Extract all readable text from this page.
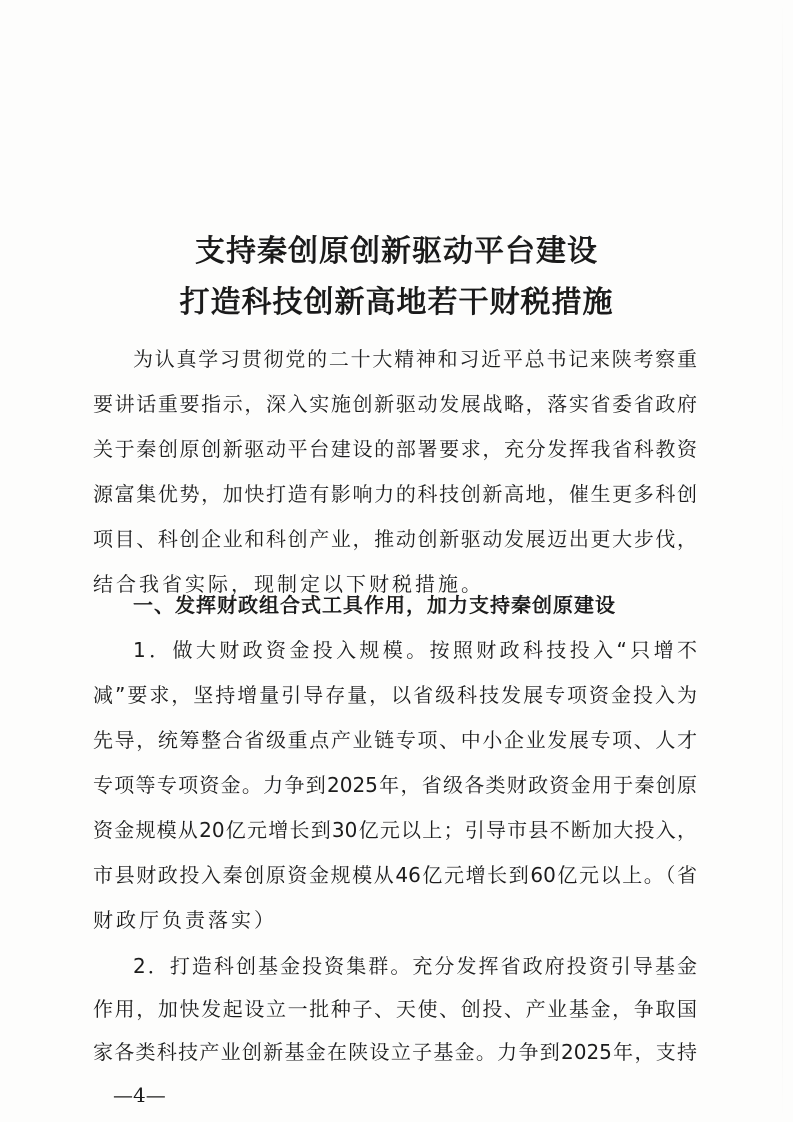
支持秦创原创新驱动平台建设
打造科技创新高地若干财税措施
为认真学习贯彻党的二十大精神和习近平总书记来陕考察重
要讲话重要指示，深入实施创新驱动发展战略，落实省委省政府
关于秦创原创新驱动平台建设的部署要求，充分发挥我省科教资
源富集优势，加快打造有影响力的科技创新高地，催生更多科创
项目、科创企业和科创产业，推动创新驱动发展迈出更大步伐，
结合我省实际，现制定以下财税措施。
一、发挥财政组合式工具作用，加力支持秦创原建设
1．做大财政资金投入规模。按照财政科技投入“只增不
减”要求，坚持增量引导存量，以省级科技发展专项资金投入为
先导，统筹整合省级重点产业链专项、中小企业发展专项、人才
专项等专项资金。力争到2025年，省级各类财政资金用于秦创原
资金规模从20亿元增长到30亿元以上；引导市县不断加大投入，
市县财政投入秦创原资金规模从46亿元增长到60亿元以上。（省
财政厅负责落实）
2．打造科创基金投资集群。充分发挥省政府投资引导基金
作用，加快发起设立一批种子、天使、创投、产业基金，争取国
家各类科技产业创新基金在陕设立子基金。力争到2025年，支持
—4—
